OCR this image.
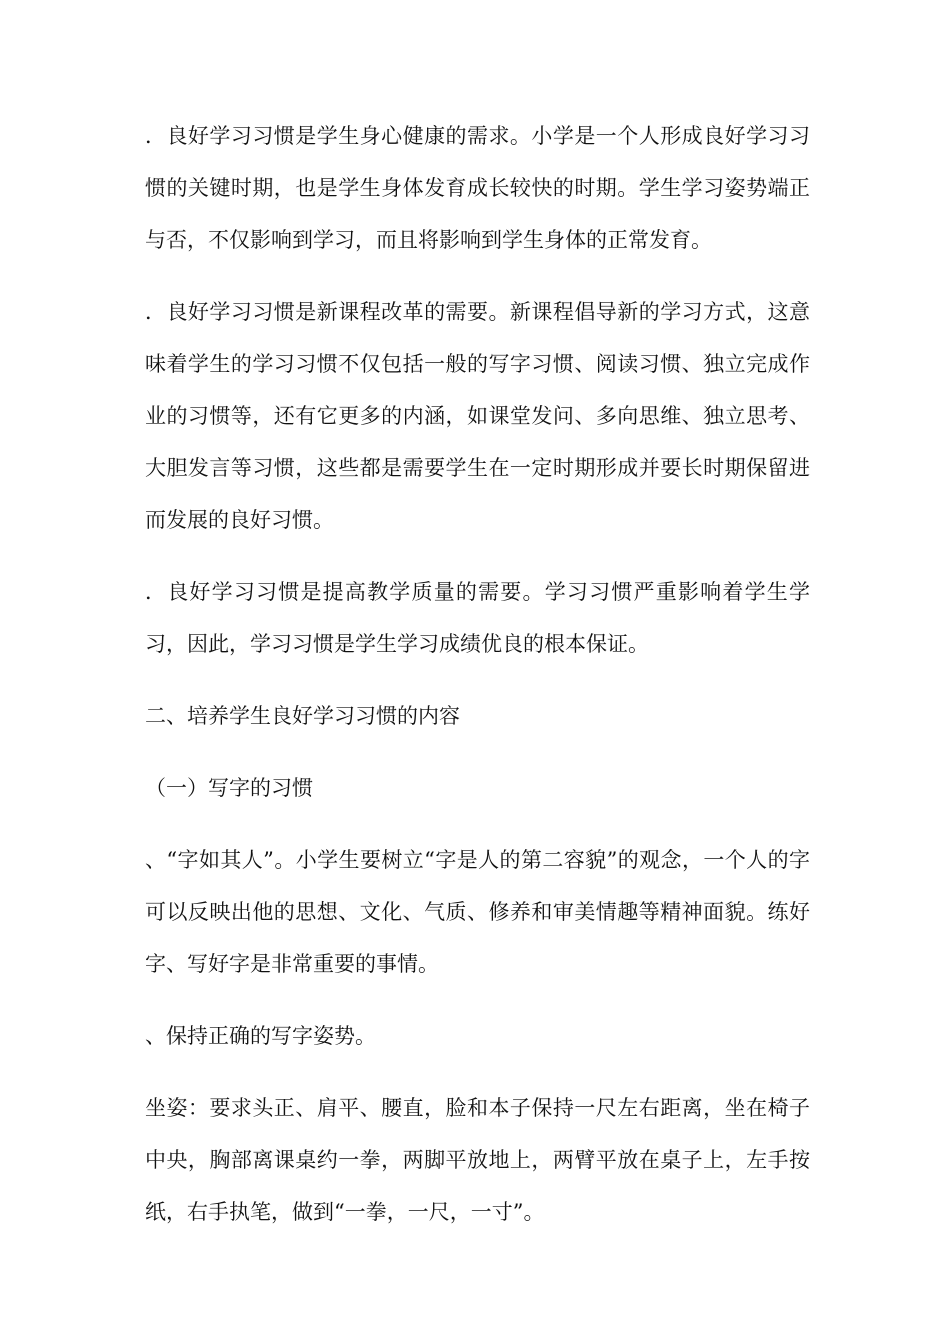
．良好学习习惯是学生身心健康的需求。小学是一个人形成良好学习习惯的关键时期，也是学生身体发育成长较快的时期。学生学习姿势端正与否，不仅影响到学习，而且将影响到学生身体的正常发育。

．良好学习习惯是新课程改革的需要。新课程倡导新的学习方式，这意味着学生的学习习惯不仅包括一般的写字习惯、阅读习惯、独立完成作业的习惯等，还有它更多的内涵，如课堂发问、多向思维、独立思考、大胆发言等习惯，这些都是需要学生在一定时期形成并要长时期保留进而发展的良好习惯。

．良好学习习惯是提高教学质量的需要。学习习惯严重影响着学生学习，因此，学习习惯是学生学习成绩优良的根本保证。

二、培养学生良好学习习惯的内容

（一）写字的习惯

、“字如其人”。小学生要树立“字是人的第二容貌”的观念，一个人的字可以反映出他的思想、文化、气质、修养和审美情趣等精神面貌。练好字、写好字是非常重要的事情。

、保持正确的写字姿势。

坐姿：要求头正、肩平、腰直，脸和本子保持一尺左右距离，坐在椅子中央，胸部离课桌约一拳，两脚平放地上，两臂平放在桌子上，左手按纸，右手执笔，做到“一拳，一尺，一寸”。
